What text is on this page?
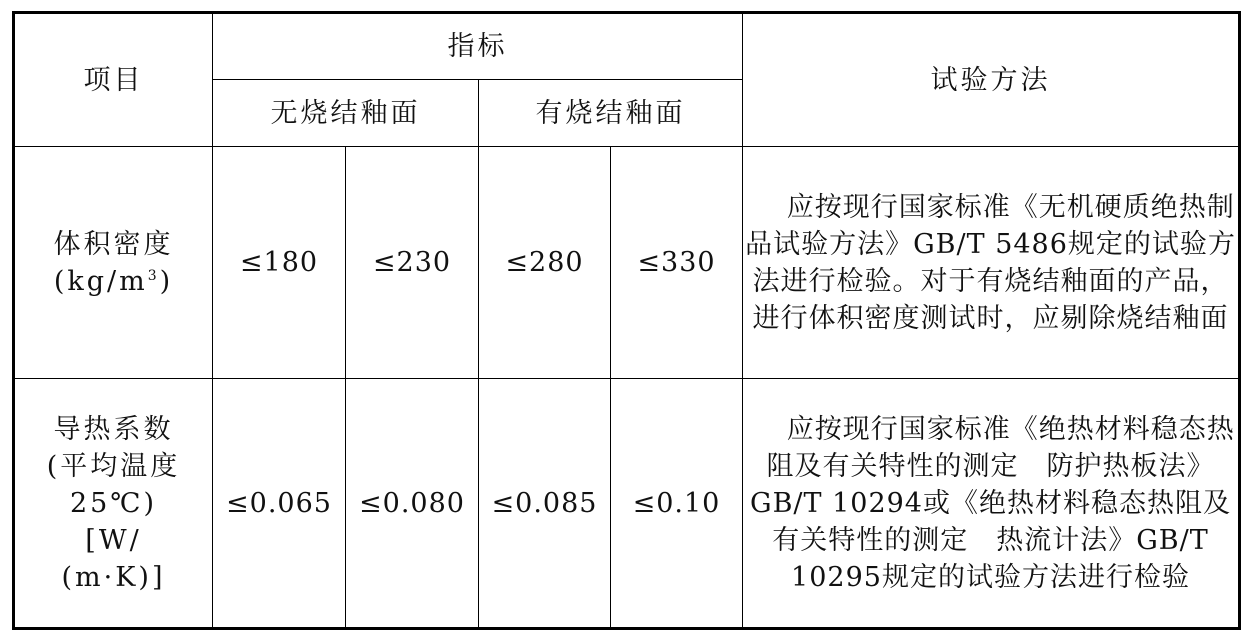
项目	指标				试验方法
	无烧结釉面		有烧结釉面		

体积密度
$(kg/m^3)$	≤180	≤230	≤280	≤330	应按现行国家标准《无机硬质绝热制品试验方法》GB/T 5486规定的试验方法进行检验。对于有烧结釉面的产品，进行体积密度测试时，应剔除烧结釉面

导热系数
(平均温度
25℃)
[W/
(m·K)]	≤0.065	≤0.080	≤0.085	≤0.10	应按现行国家标准《绝热材料稳态热阻及有关特性的测定　防护热板法》GB/T 10294或《绝热材料稳态热阻及有关特性的测定　热流计法》GB/T 10295规定的试验方法进行检验
